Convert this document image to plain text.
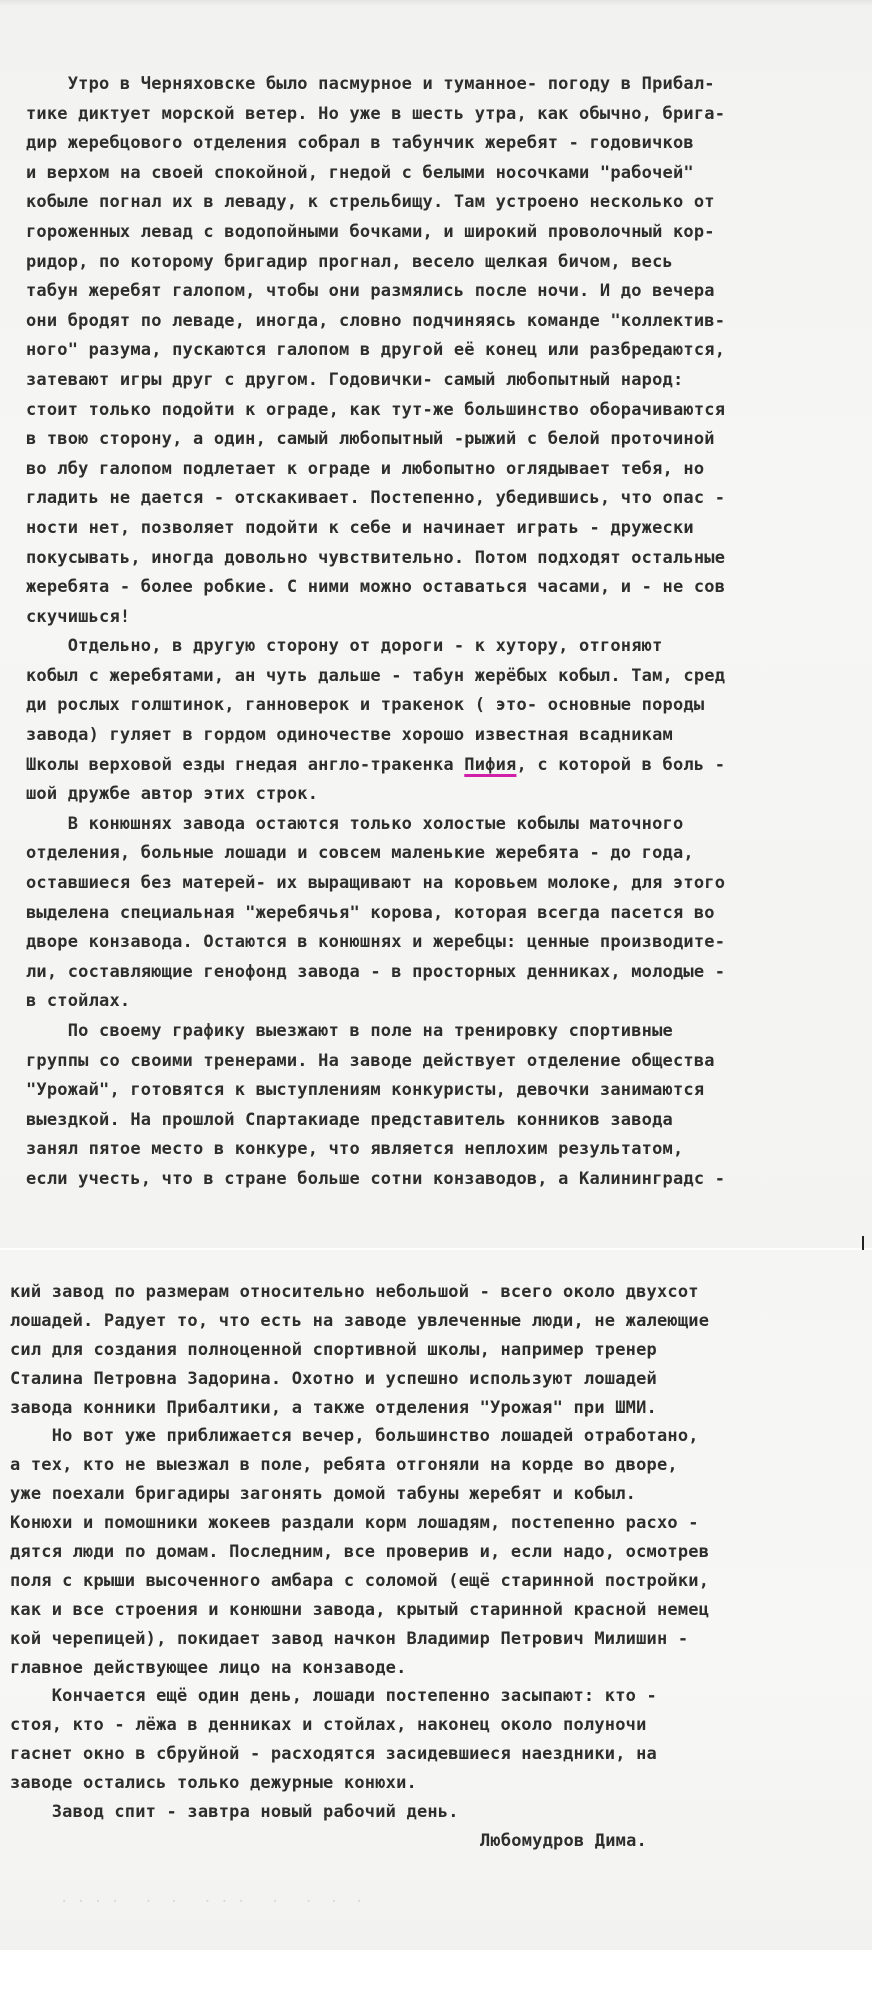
Утро в Черняховске было пасмурное и туманное- погоду в Прибал-
тике диктует морской ветер. Но уже в шесть утра, как обычно, брига-
дир жеребцового отделения собрал в табунчик жеребят - годовичков
и верхом на своей спокойной, гнедой с белыми носочками "рабочей"
кобыле погнал их в леваду, к стрельбищу. Там устроено несколько от
гороженных левад с водопойными бочками, и широкий проволочный кор-
ридор, по которому бригадир прогнал, весело щелкая бичом, весь
табун жеребят галопом, чтобы они размялись после ночи. И до вечера
они бродят по леваде, иногда, словно подчиняясь команде "коллектив-
ного" разума, пускаются галопом в другой её конец или разбредаются,
затевают игры друг с другом. Годовички- самый любопытный народ:
стоит только подойти к ограде, как тут-же большинство оборачиваются
в твою сторону, а один, самый любопытный -рыжий с белой проточиной
во лбу галопом подлетает к ограде и любопытно оглядывает тебя, но
гладить не дается - отскакивает. Постепенно, убедившись, что опас -
ности нет, позволяет подойти к себе и начинает играть - дружески
покусывать, иногда довольно чувствительно. Потом подходят остальные
жеребята - более робкие. С ними можно оставаться часами, и - не сов
скучишься!
Отдельно, в другую сторону от дороги - к хутору, отгоняют
кобыл с жеребятами, ан чуть дальше - табун жерёбых кобыл. Там, сред
ди рослых голштинок, ганноверок и тракенок ( это- основные породы
завода) гуляет в гордом одиночестве хорошо известная всадникам
Школы верховой езды гнедая англо-тракенка Пифия, с которой в боль -
шой дружбе автор этих строк.
В конюшнях завода остаются только холостые кобылы маточного
отделения, больные лошади и совсем маленькие жеребята - до года,
оставшиеся без матерей- их выращивают на коровьем молоке, для этого
выделена специальная "жеребячья" корова, которая всегда пасется во
дворе конзавода. Остаются в конюшнях и жеребцы: ценные производите-
ли, составляющие генофонд завода - в просторных денниках, молодые -
в стойлах.
По своему графику выезжают в поле на тренировку спортивные
группы со своими тренерами. На заводе действует отделение общества
"Урожай", готовятся к выступлениям конкуристы, девочки занимаются
выездкой. На прошлой Спартакиаде представитель конников завода
занял пятое место в конкуре, что является неплохим результатом,
если учесть, что в стране больше сотни конзаводов, а Калининградс -
кий завод по размерам относительно небольшой - всего около двухсот
лошадей. Радует то, что есть на заводе увлеченные люди, не жалеющие
сил для создания полноценной спортивной школы, например тренер
Сталина Петровна Задорина. Охотно и успешно используют лошадей
завода конники Прибалтики, а также отделения "Урожая" при ШМИ.
Но вот уже приближается вечер, большинство лошадей отработано,
а тех, кто не выезжал в поле, ребята отгоняли на корде во дворе,
уже поехали бригадиры загонять домой табуны жеребят и кобыл.
Конюхи и помошники жокеев раздали корм лошадям, постепенно расхо -
дятся люди по домам. Последним, все проверив и, если надо, осмотрев
поля с крыши высоченного амбара с соломой (ещё старинной постройки,
как и все строения и конюшни завода, крытый старинной красной немец
кой черепицей), покидает завод начкон Владимир Петрович Милишин -
главное действующее лицо на конзаводе.
Кончается ещё один день, лошади постепенно засыпают: кто -
стоя, кто - лёжа в денниках и стойлах, наконец около полуночи
гаснет окно в сбруйной - расходятся засидевшиеся наездники, на
заводе остались только дежурные конюхи.
Завод спит - завтра новый рабочий день.
Любомудров Дима.
. . . .   .  .   . . .   .   .  .  .
